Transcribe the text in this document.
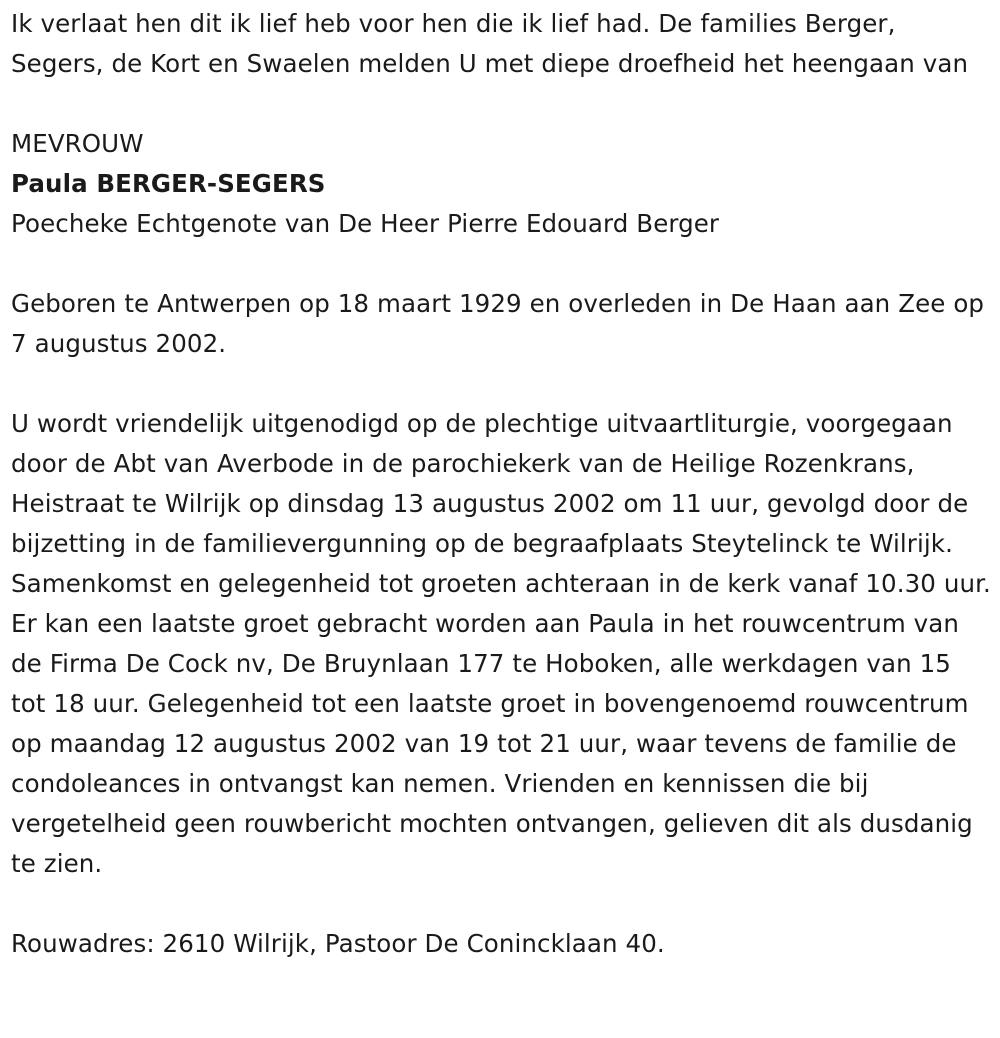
Ik verlaat hen dit ik lief heb voor hen die ik lief had. De families Berger, Segers, de Kort en Swaelen melden U met diepe droefheid het heengaan van

MEVROUW

Paula BERGER-SEGERS

Poecheke Echtgenote van De Heer Pierre Edouard Berger

Geboren te Antwerpen op 18 maart 1929 en overleden in De Haan aan Zee op 7 augustus 2002.

U wordt vriendelijk uitgenodigd op de plechtige uitvaartliturgie, voorgegaan door de Abt van Averbode in de parochiekerk van de Heilige Rozenkrans, Heistraat te Wilrijk op dinsdag 13 augustus 2002 om 11 uur, gevolgd door de bijzetting in de familievergunning op de begraafplaats Steytelinck te Wilrijk. Samenkomst en gelegenheid tot groeten achteraan in de kerk vanaf 10.30 uur. Er kan een laatste groet gebracht worden aan Paula in het rouwcentrum van de Firma De Cock nv, De Bruynlaan 177 te Hoboken, alle werkdagen van 15 tot 18 uur. Gelegenheid tot een laatste groet in bovengenoemd rouwcentrum op maandag 12 augustus 2002 van 19 tot 21 uur, waar tevens de familie de condoleances in ontvangst kan nemen. Vrienden en kennissen die bij vergetelheid geen rouwbericht mochten ontvangen, gelieven dit als dusdanig te zien.

Rouwadres: 2610 Wilrijk, Pastoor De Conincklaan 40.
